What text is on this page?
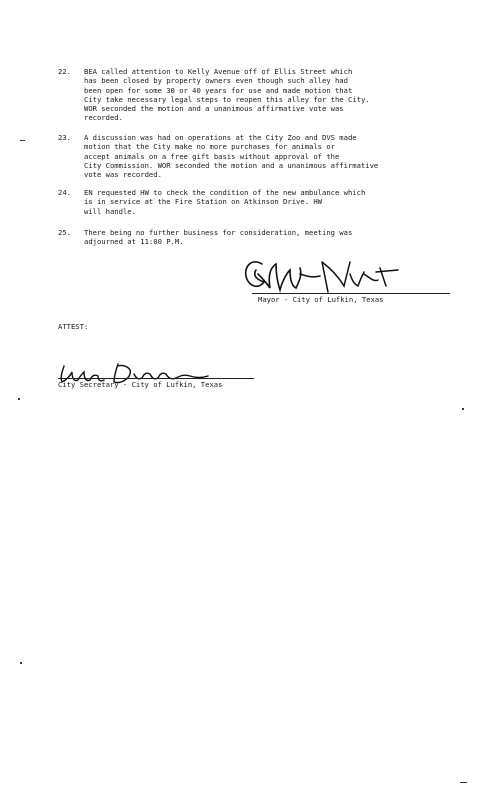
22.	BEA called attention to Kelly Avenue off of Ellis Street which
has been closed by property owners even though such alley had
been open for some 30 or 40 years for use and made motion that
City take necessary legal steps to reopen this alley for the City.
WOR seconded the motion and a unanimous affirmative vote was
recorded.
23.	A discussion was had on operations at the City Zoo and DVS made
motion that the City make no more purchases for animals or
accept animals on a free gift basis without approval of the
City Commission. WOR seconded the motion and a unanimous affirmative
vote was recorded.
24.	EN requested HW to check the condition of the new ambulance which
is in service at the Fire Station on Atkinson Drive. HW
will handle.
25.	There being no further business for consideration, meeting was
adjourned at 11:00 P.M.
Mayor - City of Lufkin, Texas
ATTEST:
City Secretary - City of Lufkin, Texas
